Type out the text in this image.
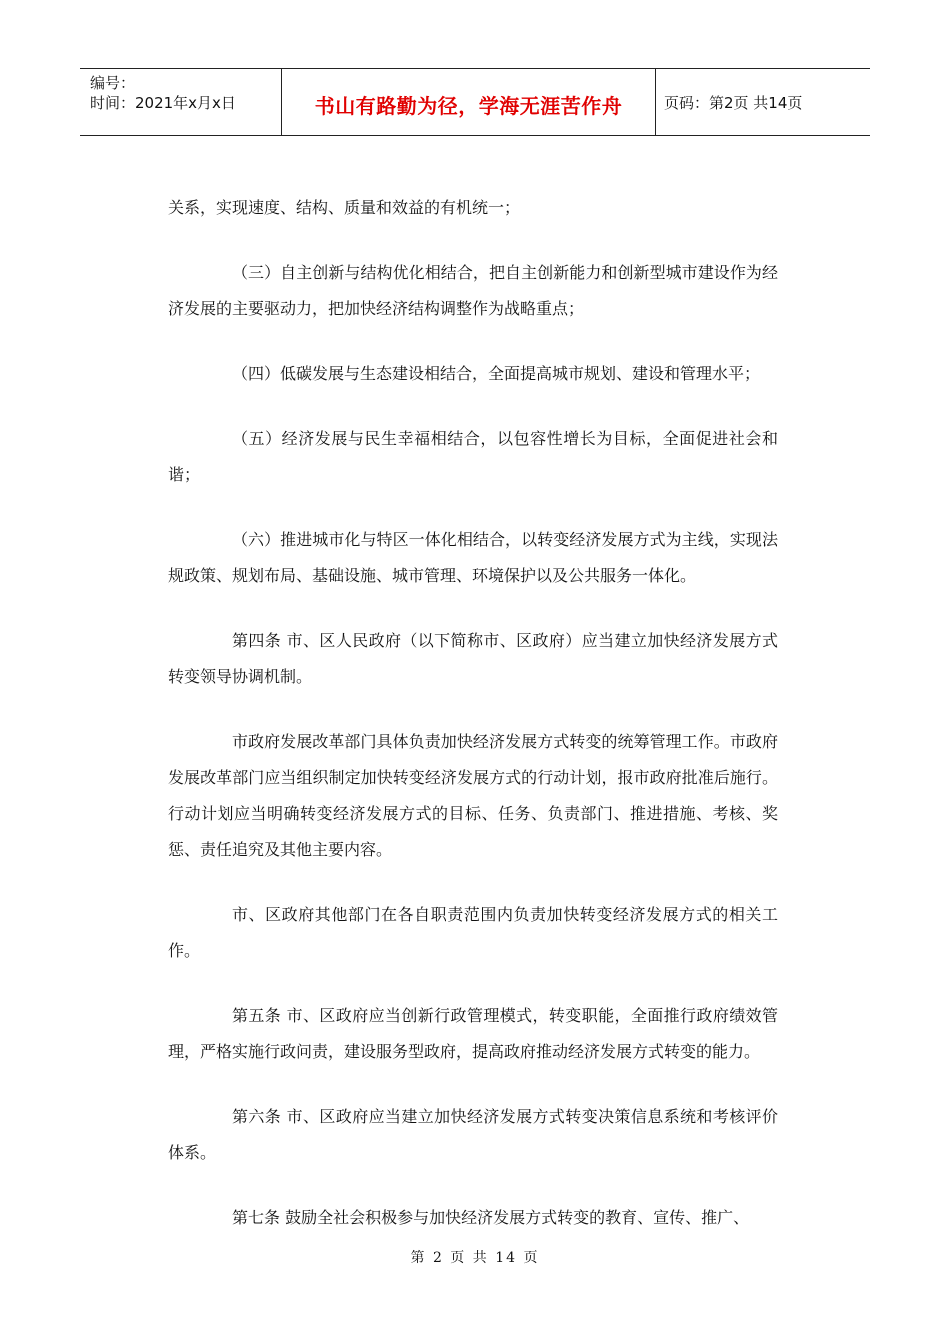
编号：
时间：2021年x月x日	书山有路勤为径，学海无涯苦作舟	页码：第2页 共14页

关系，实现速度、结构、质量和效益的有机统一；

（三）自主创新与结构优化相结合，把自主创新能力和创新型城市建设作为经济发展的主要驱动力，把加快经济结构调整作为战略重点；

（四）低碳发展与生态建设相结合，全面提高城市规划、建设和管理水平；

（五）经济发展与民生幸福相结合，以包容性增长为目标，全面促进社会和谐；

（六）推进城市化与特区一体化相结合，以转变经济发展方式为主线，实现法规政策、规划布局、基础设施、城市管理、环境保护以及公共服务一体化。

第四条 市、区人民政府（以下简称市、区政府）应当建立加快经济发展方式转变领导协调机制。

市政府发展改革部门具体负责加快经济发展方式转变的统筹管理工作。市政府发展改革部门应当组织制定加快转变经济发展方式的行动计划，报市政府批准后施行。行动计划应当明确转变经济发展方式的目标、任务、负责部门、推进措施、考核、奖惩、责任追究及其他主要内容。

市、区政府其他部门在各自职责范围内负责加快转变经济发展方式的相关工作。

第五条 市、区政府应当创新行政管理模式，转变职能，全面推行政府绩效管理，严格实施行政问责，建设服务型政府，提高政府推动经济发展方式转变的能力。

第六条 市、区政府应当建立加快经济发展方式转变决策信息系统和考核评价体系。

第七条 鼓励全社会积极参与加快经济发展方式转变的教育、宣传、推广、

第 2 页 共 14 页
